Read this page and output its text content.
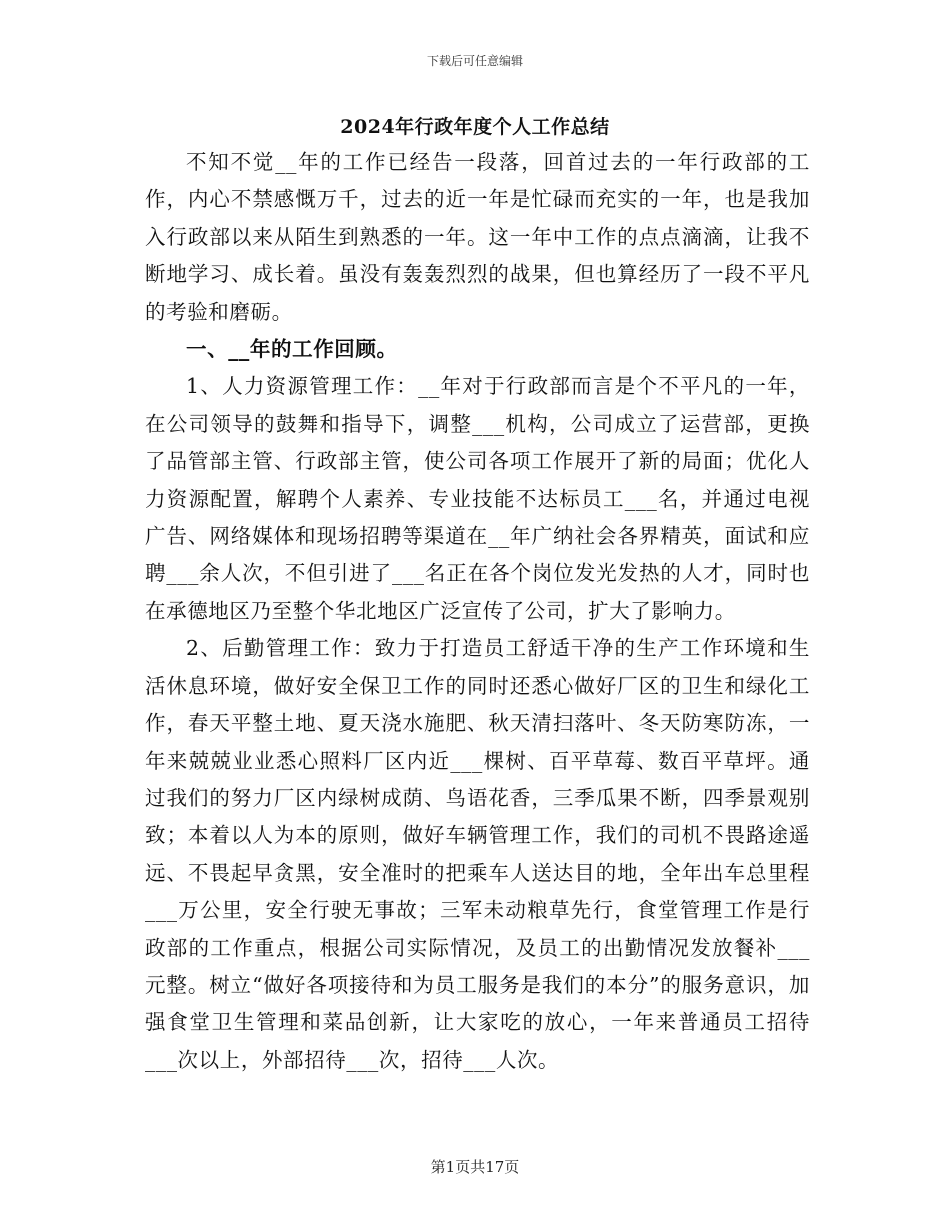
下载后可任意编辑
2024年行政年度个人工作总结

不知不觉__年的工作已经告一段落，回首过去的一年行政部的工作，内心不禁感慨万千，过去的近一年是忙碌而充实的一年，也是我加入行政部以来从陌生到熟悉的一年。这一年中工作的点点滴滴，让我不断地学习、成长着。虽没有轰轰烈烈的战果，但也算经历了一段不平凡的考验和磨砺。

一、__年的工作回顾。

1、人力资源管理工作：__年对于行政部而言是个不平凡的一年，在公司领导的鼓舞和指导下，调整___机构，公司成立了运营部，更换了品管部主管、行政部主管，使公司各项工作展开了新的局面；优化人力资源配置，解聘个人素养、专业技能不达标员工___名，并通过电视广告、网络媒体和现场招聘等渠道在__年广纳社会各界精英，面试和应聘___余人次，不但引进了___名正在各个岗位发光发热的人才，同时也在承德地区乃至整个华北地区广泛宣传了公司，扩大了影响力。

2、后勤管理工作：致力于打造员工舒适干净的生产工作环境和生活休息环境，做好安全保卫工作的同时还悉心做好厂区的卫生和绿化工作，春天平整土地、夏天浇水施肥、秋天清扫落叶、冬天防寒防冻，一年来兢兢业业悉心照料厂区内近___棵树、百平草莓、数百平草坪。通过我们的努力厂区内绿树成荫、鸟语花香，三季瓜果不断，四季景观别致；本着以人为本的原则，做好车辆管理工作，我们的司机不畏路途遥远、不畏起早贪黑，安全准时的把乘车人送达目的地，全年出车总里程___万公里，安全行驶无事故；三军未动粮草先行，食堂管理工作是行政部的工作重点，根据公司实际情况，及员工的出勤情况发放餐补___元整。树立“做好各项接待和为员工服务是我们的本分”的服务意识，加强食堂卫生管理和菜品创新，让大家吃的放心，一年来普通员工招待___次以上，外部招待___次，招待___人次。

第1页共17页
